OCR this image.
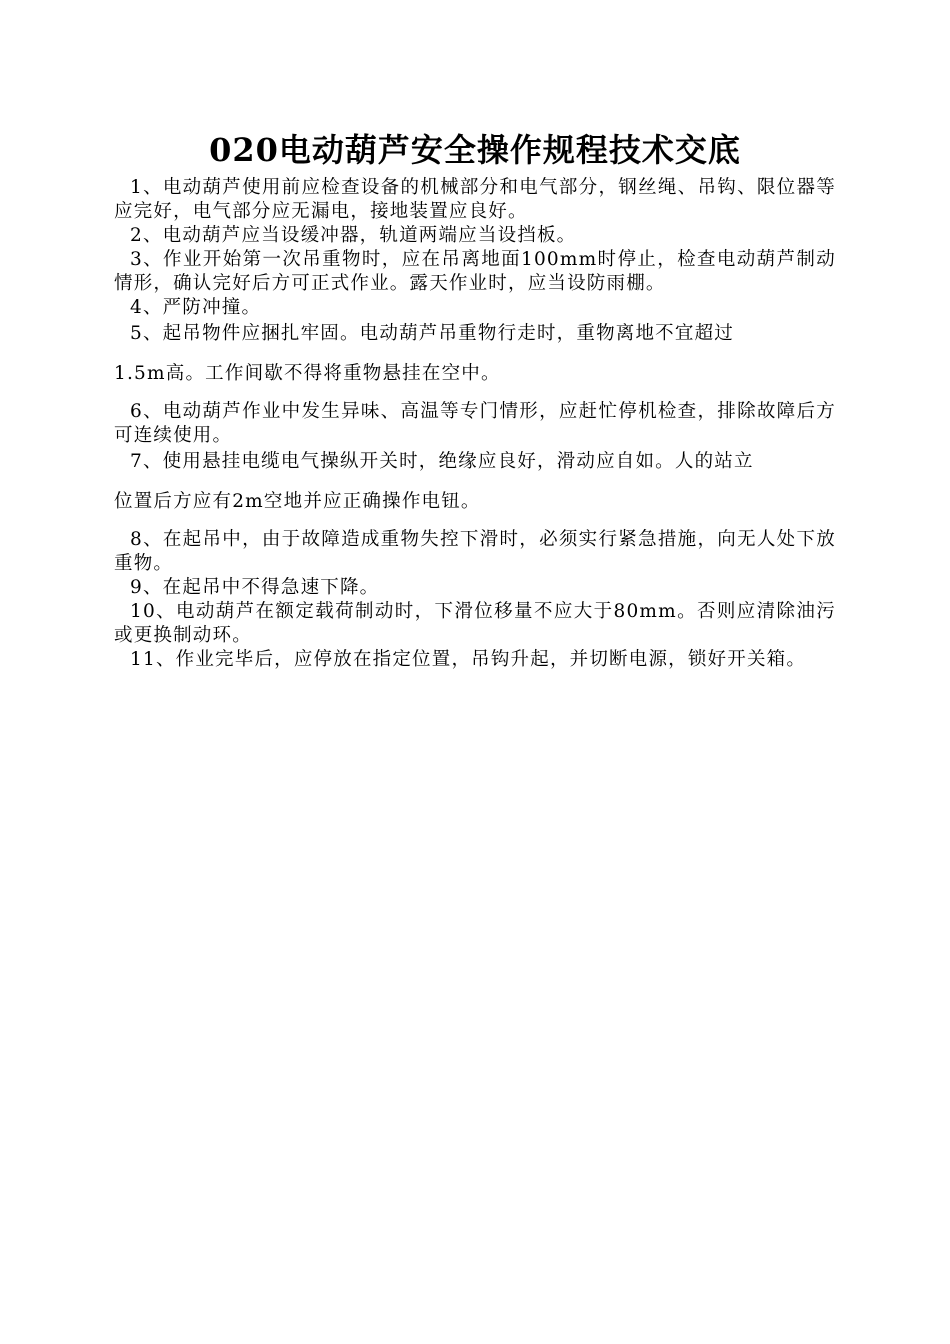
020电动葫芦安全操作规程技术交底

1、电动葫芦使用前应检查设备的机械部分和电气部分，钢丝绳、吊钩、限位器等应完好，电气部分应无漏电，接地装置应良好。

2、电动葫芦应当设缓冲器，轨道两端应当设挡板。

3、作业开始第一次吊重物时，应在吊离地面100mm时停止，检查电动葫芦制动情形，确认完好后方可正式作业。露天作业时，应当设防雨棚。

4、严防冲撞。

5、起吊物件应捆扎牢固。电动葫芦吊重物行走时，重物离地不宜超过

1.5m高。工作间歇不得将重物悬挂在空中。

6、电动葫芦作业中发生异味、高温等专门情形，应赶忙停机检查，排除故障后方可连续使用。

7、使用悬挂电缆电气操纵开关时，绝缘应良好，滑动应自如。人的站立

位置后方应有2m空地并应正确操作电钮。

8、在起吊中，由于故障造成重物失控下滑时，必须实行紧急措施，向无人处下放重物。

9、在起吊中不得急速下降。

10、电动葫芦在额定载荷制动时，下滑位移量不应大于80mm。否则应清除油污或更换制动环。

11、作业完毕后，应停放在指定位置，吊钩升起，并切断电源，锁好开关箱。
